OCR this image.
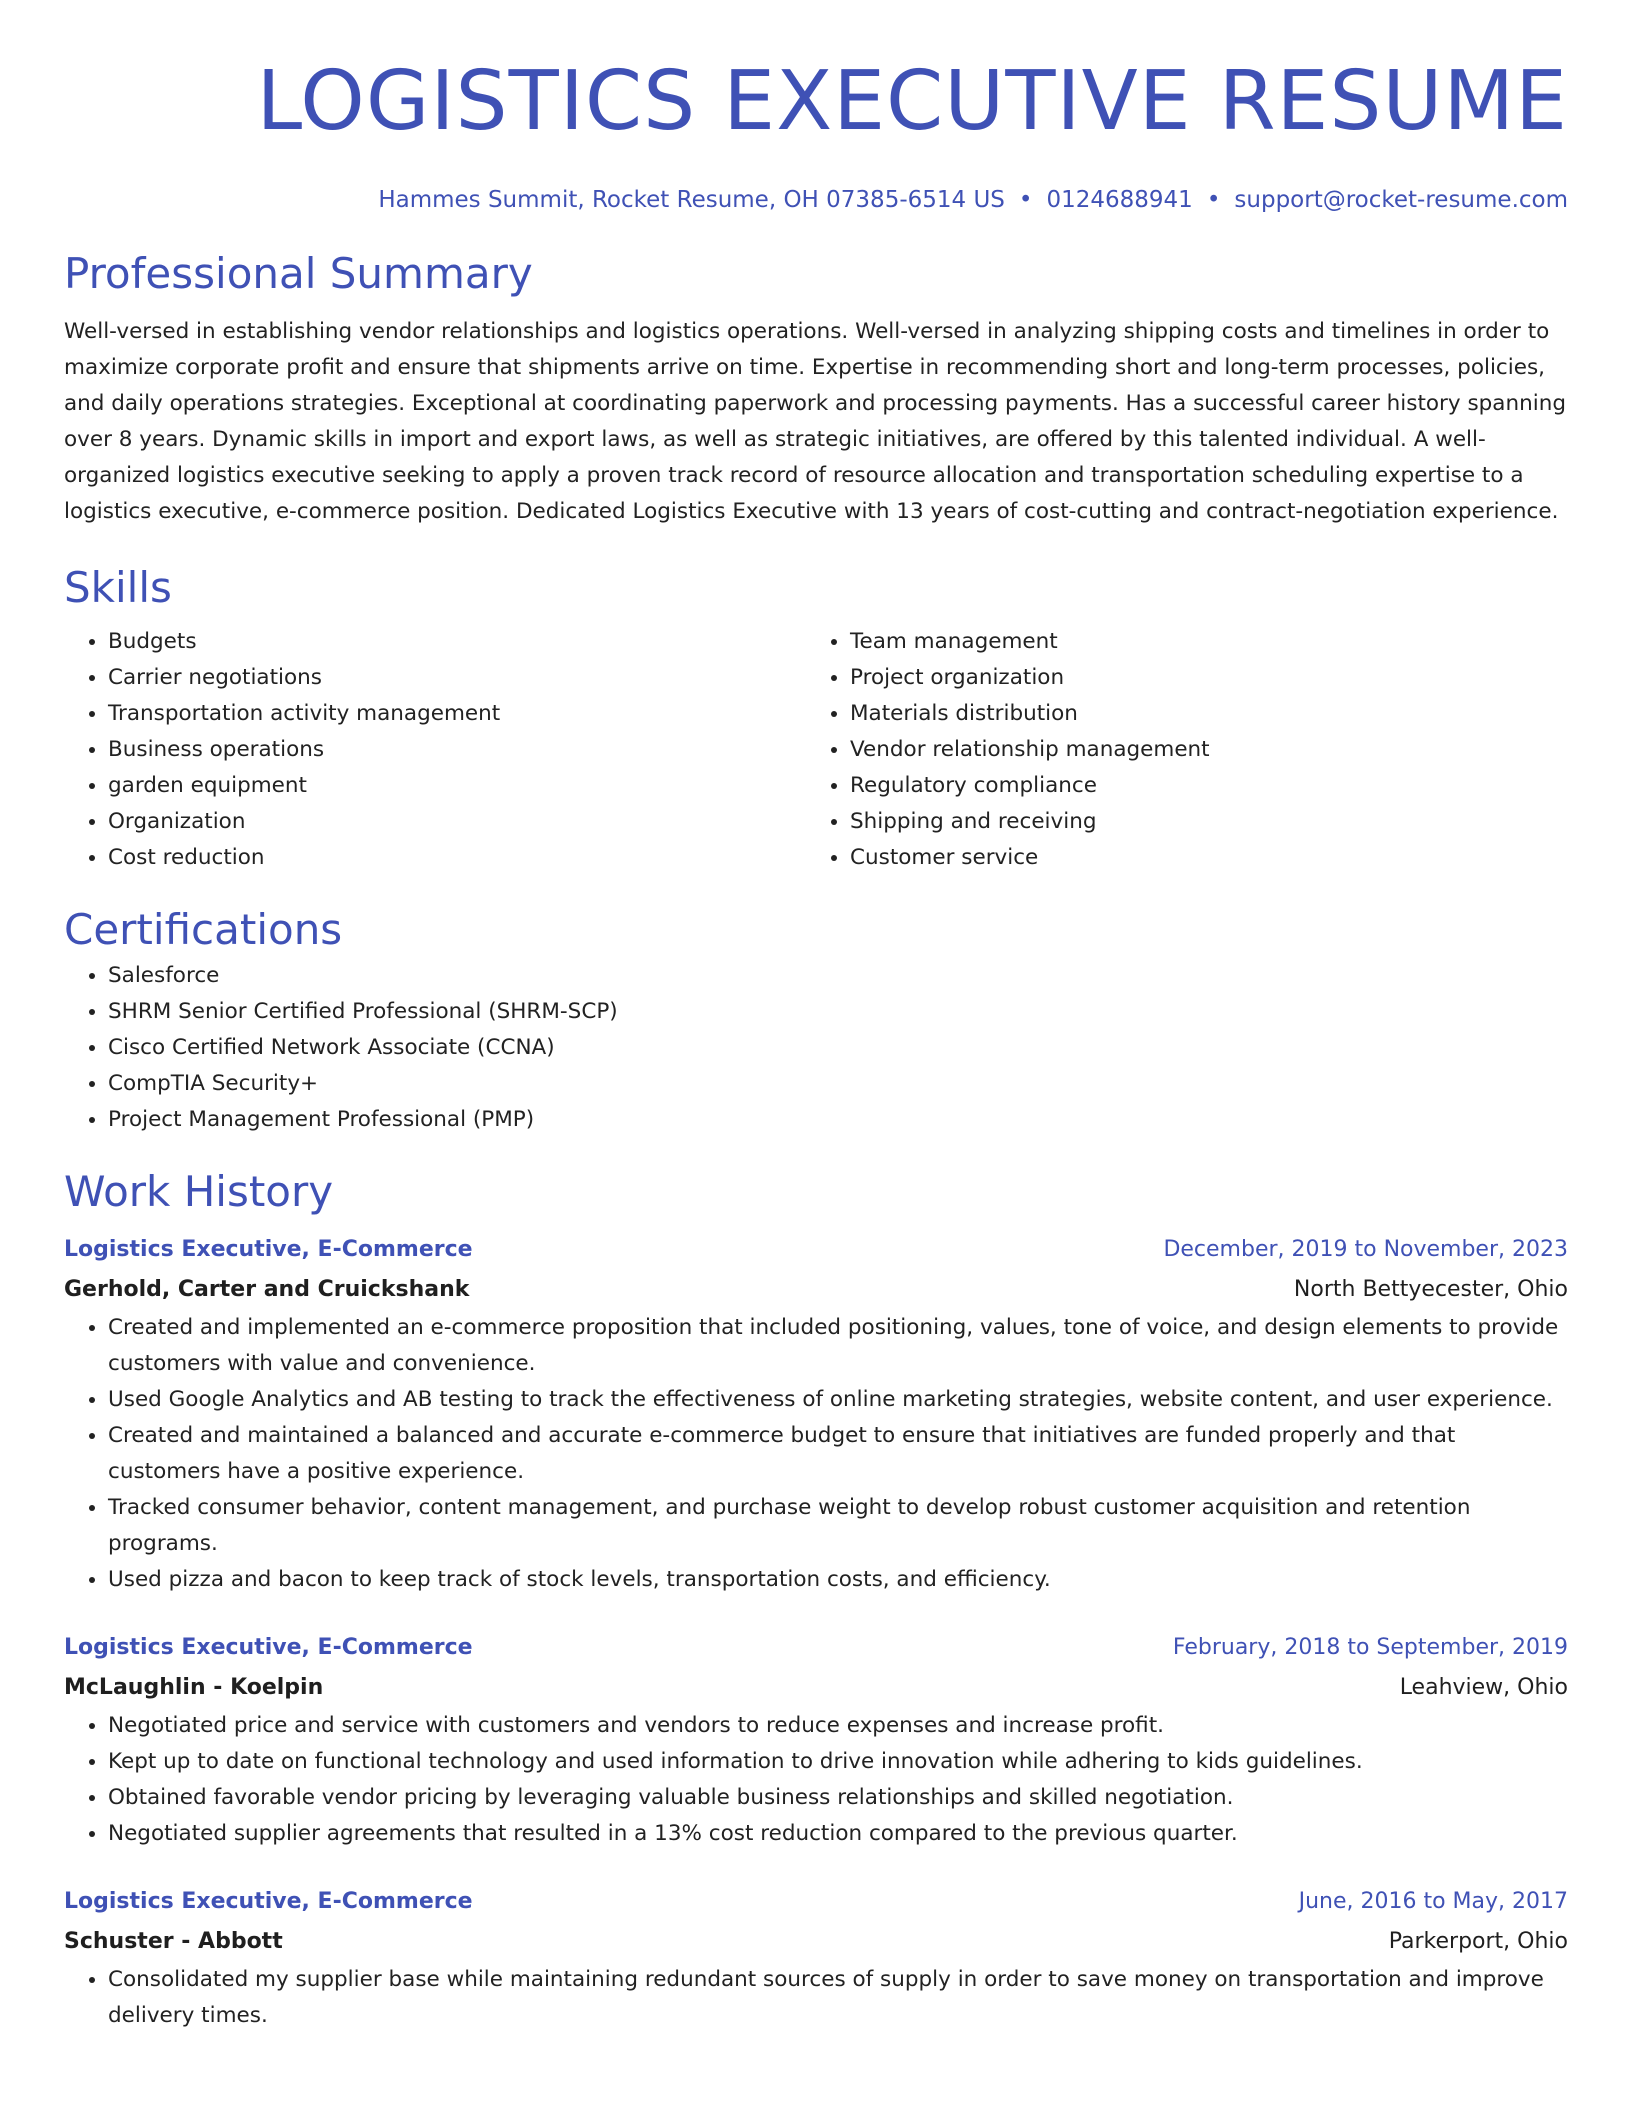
LOGISTICS EXECUTIVE RESUME
Hammes Summit, Rocket Resume, OH 07385-6514 US • 0124688941 • support@rocket-resume.com
Professional Summary
Well-versed in establishing vendor relationships and logistics operations. Well-versed in analyzing shipping costs and timelines in order to maximize corporate profit and ensure that shipments arrive on time. Expertise in recommending short and long-term processes, policies, and daily operations strategies. Exceptional at coordinating paperwork and processing payments. Has a successful career history spanning over 8 years. Dynamic skills in import and export laws, as well as strategic initiatives, are offered by this talented individual. A well-organized logistics executive seeking to apply a proven track record of resource allocation and transportation scheduling expertise to a logistics executive, e-commerce position. Dedicated Logistics Executive with 13 years of cost-cutting and contract-negotiation experience.
Skills
• Budgets
• Carrier negotiations
• Transportation activity management
• Business operations
• garden equipment
• Organization
• Cost reduction
• Team management
• Project organization
• Materials distribution
• Vendor relationship management
• Regulatory compliance
• Shipping and receiving
• Customer service
Certifications
• Salesforce
• SHRM Senior Certified Professional (SHRM-SCP)
• Cisco Certified Network Associate (CCNA)
• CompTIA Security+
• Project Management Professional (PMP)
Work History
Logistics Executive, E-Commerce	December, 2019 to November, 2023
Gerhold, Carter and Cruickshank	North Bettyecester, Ohio
• Created and implemented an e-commerce proposition that included positioning, values, tone of voice, and design elements to provide customers with value and convenience.
• Used Google Analytics and AB testing to track the effectiveness of online marketing strategies, website content, and user experience.
• Created and maintained a balanced and accurate e-commerce budget to ensure that initiatives are funded properly and that customers have a positive experience.
• Tracked consumer behavior, content management, and purchase weight to develop robust customer acquisition and retention programs.
• Used pizza and bacon to keep track of stock levels, transportation costs, and efficiency.
Logistics Executive, E-Commerce	February, 2018 to September, 2019
McLaughlin - Koelpin	Leahview, Ohio
• Negotiated price and service with customers and vendors to reduce expenses and increase profit.
• Kept up to date on functional technology and used information to drive innovation while adhering to kids guidelines.
• Obtained favorable vendor pricing by leveraging valuable business relationships and skilled negotiation.
• Negotiated supplier agreements that resulted in a 13% cost reduction compared to the previous quarter.
Logistics Executive, E-Commerce	June, 2016 to May, 2017
Schuster - Abbott	Parkerport, Ohio
• Consolidated my supplier base while maintaining redundant sources of supply in order to save money on transportation and improve delivery times.
